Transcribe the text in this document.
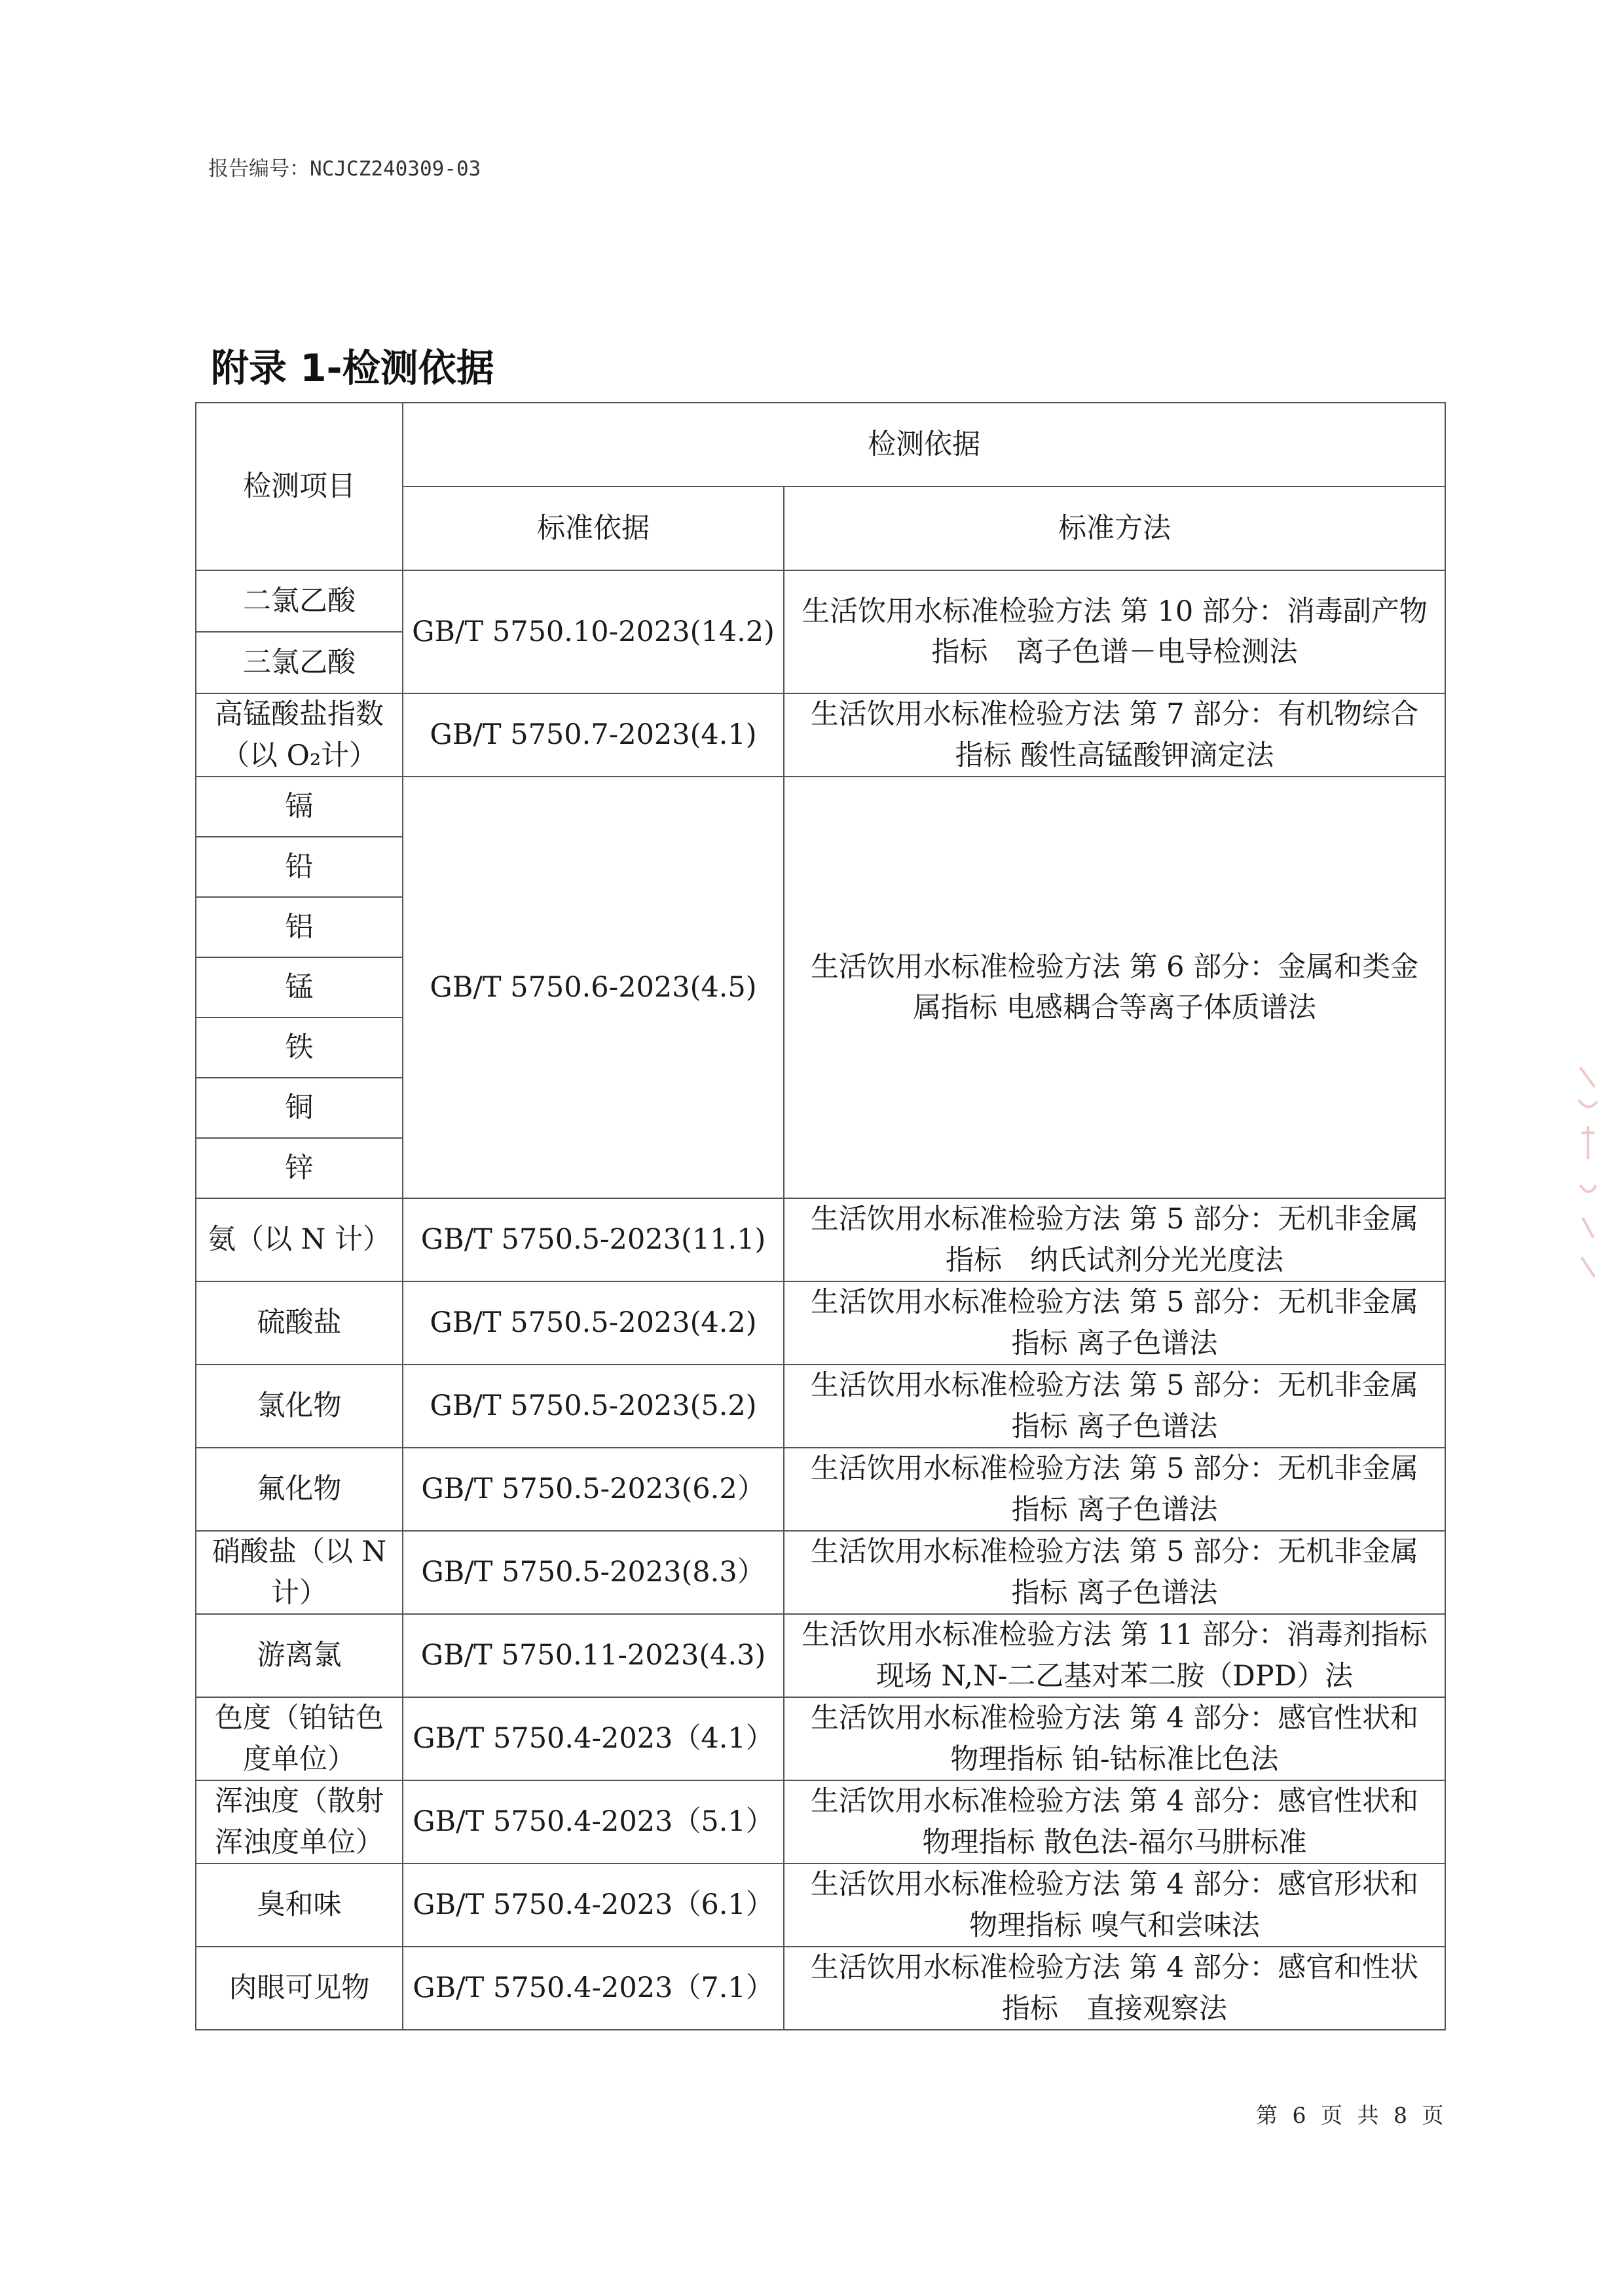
报告编号：NCJCZ240309-03
附录 1-检测依据
检测项目	检测依据	
	标准依据	标准方法
二氯乙酸	GB/T 5750.10-2023(14.2)	生活饮用水标准检验方法 第 10 部分：消毒副产物指标　离子色谱－电导检测法
三氯乙酸		
高锰酸盐指数（以 O₂计）	GB/T 5750.7-2023(4.1)	生活饮用水标准检验方法 第 7 部分：有机物综合指标 酸性高锰酸钾滴定法
镉	GB/T 5750.6-2023(4.5)	生活饮用水标准检验方法 第 6 部分：金属和类金属指标 电感耦合等离子体质谱法
铅		
铝		
锰		
铁		
铜		
锌		
氨（以 N 计）	GB/T 5750.5-2023(11.1)	生活饮用水标准检验方法 第 5 部分：无机非金属指标　纳氏试剂分光光度法
硫酸盐	GB/T 5750.5-2023(4.2)	生活饮用水标准检验方法 第 5 部分：无机非金属指标 离子色谱法
氯化物	GB/T 5750.5-2023(5.2)	生活饮用水标准检验方法 第 5 部分：无机非金属指标 离子色谱法
氟化物	GB/T 5750.5-2023(6.2）	生活饮用水标准检验方法 第 5 部分：无机非金属指标 离子色谱法
硝酸盐（以 N 计）	GB/T 5750.5-2023(8.3）	生活饮用水标准检验方法 第 5 部分：无机非金属指标 离子色谱法
游离氯	GB/T 5750.11-2023(4.3)	生活饮用水标准检验方法 第 11 部分：消毒剂指标　现场 N,N-二乙基对苯二胺（DPD）法
色度（铂钴色度单位）	GB/T 5750.4-2023（4.1）	生活饮用水标准检验方法 第 4 部分：感官性状和物理指标 铂-钴标准比色法
浑浊度（散射浑浊度单位）	GB/T 5750.4-2023（5.1）	生活饮用水标准检验方法 第 4 部分：感官性状和物理指标 散色法-福尔马肼标准
臭和味	GB/T 5750.4-2023（6.1）	生活饮用水标准检验方法 第 4 部分：感官形状和物理指标 嗅气和尝味法
肉眼可见物	GB/T 5750.4-2023（7.1）	生活饮用水标准检验方法 第 4 部分：感官和性状指标　直接观察法
第 6 页 共 8 页
